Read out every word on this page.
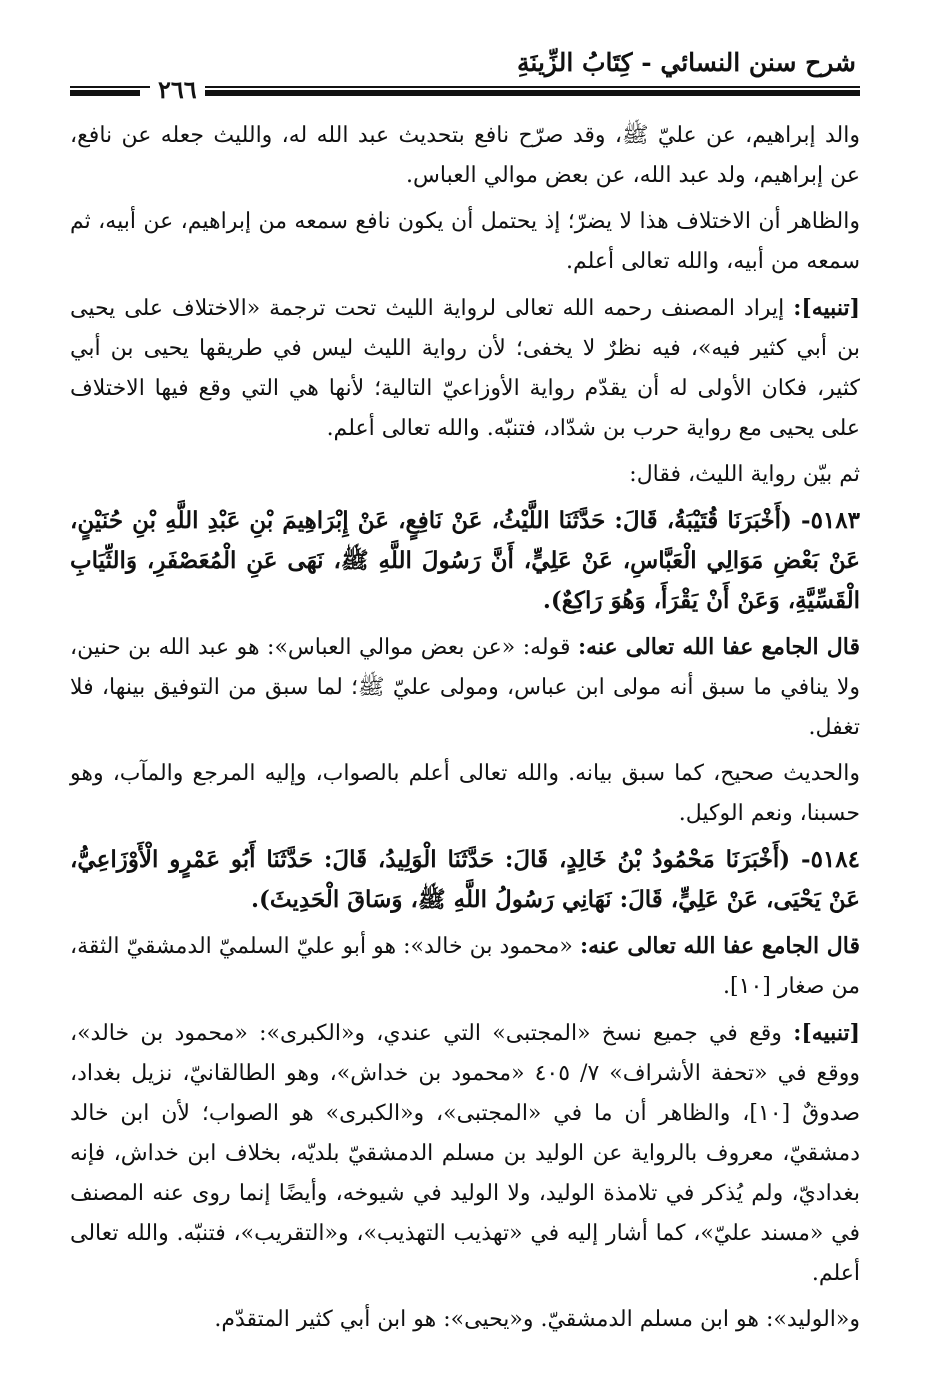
شرح سنن النسائي - كِتَابُ الزِّينَةِ
٢٦٦

والد إبراهيم، عن عليّ ﷺ، وقد صرّح نافع بتحديث عبد الله له، والليث جعله عن نافع، عن إبراهيم، ولد عبد الله، عن بعض موالي العباس.

والظاهر أن الاختلاف هذا لا يضرّ؛ إذ يحتمل أن يكون نافع سمعه من إبراهيم، عن أبيه، ثم سمعه من أبيه، والله تعالى أعلم.

[تنبيه]: إيراد المصنف رحمه الله تعالى لرواية الليث تحت ترجمة «الاختلاف على يحيى بن أبي كثير فيه»، فيه نظرٌ لا يخفى؛ لأن رواية الليث ليس في طريقها يحيى بن أبي كثير، فكان الأولى له أن يقدّم رواية الأوزاعيّ التالية؛ لأنها هي التي وقع فيها الاختلاف على يحيى مع رواية حرب بن شدّاد، فتنبّه. والله تعالى أعلم.

ثم بيّن رواية الليث، فقال:

٥١٨٣- (أَخْبَرَنَا قُتَيْبَةُ، قَالَ: حَدَّثَنَا اللَّيْثُ، عَنْ نَافِعٍ، عَنْ إِبْرَاهِيمَ بْنِ عَبْدِ اللَّهِ بْنِ حُنَيْنٍ، عَنْ بَعْضِ مَوَالِي الْعَبَّاسِ، عَنْ عَلِيٍّ، أَنَّ رَسُولَ اللَّهِ ﷺ، نَهَى عَنِ الْمُعَصْفَرِ، وَالثِّيَابِ الْقَسِّيَّةِ، وَعَنْ أَنْ يَقْرَأَ، وَهُوَ رَاكِعٌ).

قال الجامع عفا الله تعالى عنه: قوله: «عن بعض موالي العباس»: هو عبد الله بن حنين، ولا ينافي ما سبق أنه مولى ابن عباس، ومولى عليّ ﷺ؛ لما سبق من التوفيق بينها، فلا تغفل.

والحديث صحيح، كما سبق بيانه. والله تعالى أعلم بالصواب، وإليه المرجع والمآب، وهو حسبنا، ونعم الوكيل.

٥١٨٤- (أَخْبَرَنَا مَحْمُودُ بْنُ خَالِدٍ، قَالَ: حَدَّثَنَا الْوَلِيدُ، قَالَ: حَدَّثَنَا أَبُو عَمْرٍو الْأَوْزَاعِيُّ، عَنْ يَحْيَى، عَنْ عَلِيٍّ، قَالَ: نَهَانِي رَسُولُ اللَّهِ ﷺ، وَسَاقَ الْحَدِيثَ).

قال الجامع عفا الله تعالى عنه: «محمود بن خالد»: هو أبو عليّ السلميّ الدمشقيّ الثقة، من صغار [١٠].

[تنبيه]: وقع في جميع نسخ «المجتبى» التي عندي، و«الكبرى»: «محمود بن خالد»، ووقع في «تحفة الأشراف» ٧/ ٤٠٥ «محمود بن خداش»، وهو الطالقانيّ، نزيل بغداد، صدوقٌ [١٠]، والظاهر أن ما في «المجتبى»، و«الكبرى» هو الصواب؛ لأن ابن خالد دمشقيّ، معروف بالرواية عن الوليد بن مسلم الدمشقيّ بلديّه، بخلاف ابن خداش، فإنه بغداديّ، ولم يُذكر في تلامذة الوليد، ولا الوليد في شيوخه، وأيضًا إنما روى عنه المصنف في «مسند عليّ»، كما أشار إليه في «تهذيب التهذيب»، و«التقريب»، فتنبّه. والله تعالى أعلم.

و«الوليد»: هو ابن مسلم الدمشقيّ. و«يحيى»: هو ابن أبي كثير المتقدّم.
